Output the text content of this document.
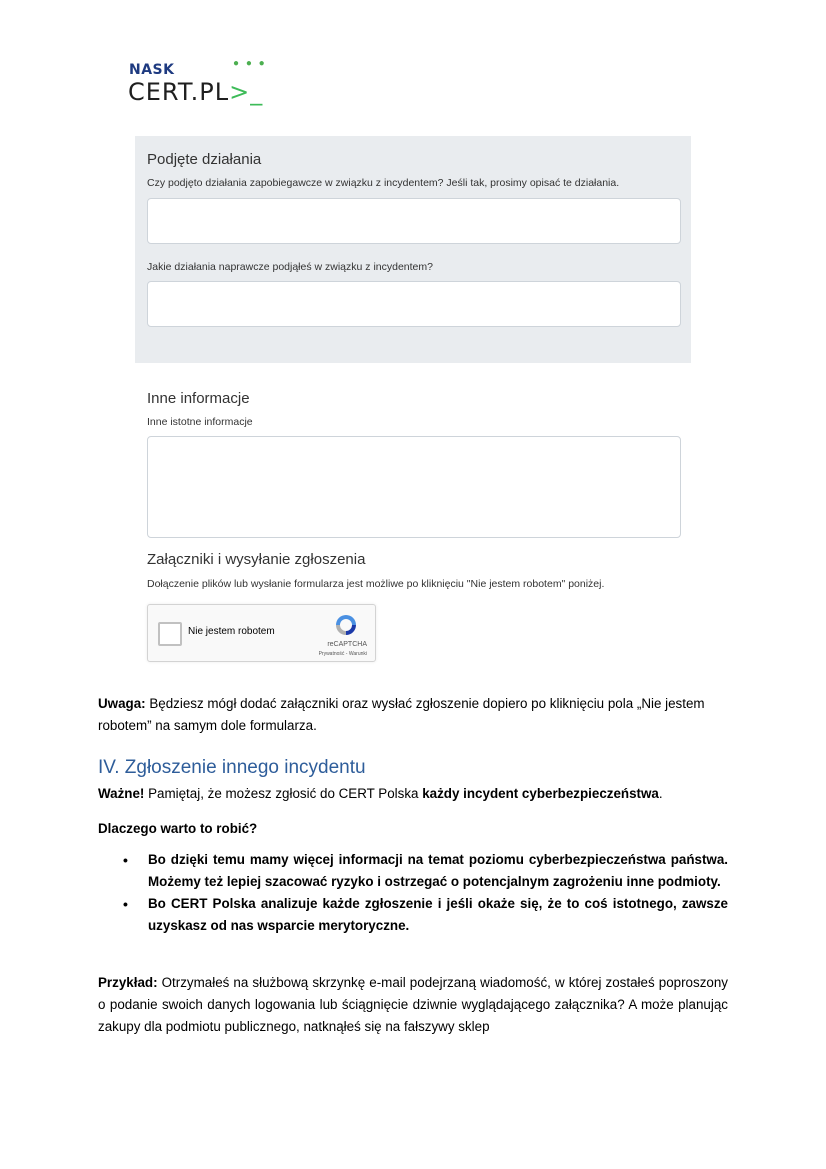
NASK	● ● ●
CERT.PL>_
Podjęte działania
Czy podjęto działania zapobiegawcze w związku z incydentem? Jeśli tak, prosimy opisać te działania.
Jakie działania naprawcze podjąłeś w związku z incydentem?
Inne informacje
Inne istotne informacje
Załączniki i wysyłanie zgłoszenia
Dołączenie plików lub wysłanie formularza jest możliwe po kliknięciu "Nie jestem robotem" poniżej.
Nie jestem robotem
reCAPTCHA
Prywatność - Warunki
Uwaga: Będziesz mógł dodać załączniki oraz wysłać zgłoszenie dopiero po kliknięciu pola „Nie jestem robotem” na samym dole formularza.
IV. Zgłoszenie innego incydentu
Ważne! Pamiętaj, że możesz zgłosić do CERT Polska każdy incydent cyberbezpieczeństwa.
Dlaczego warto to robić?
• Bo dzięki temu mamy więcej informacji na temat poziomu cyberbezpieczeństwa państwa. Możemy też lepiej szacować ryzyko i ostrzegać o potencjalnym zagrożeniu inne podmioty.
• Bo CERT Polska analizuje każde zgłoszenie i jeśli okaże się, że to coś istotnego, zawsze uzyskasz od nas wsparcie merytoryczne.
Przykład: Otrzymałeś na służbową skrzynkę e-mail podejrzaną wiadomość, w której zostałeś poproszony o podanie swoich danych logowania lub ściągnięcie dziwnie wyglądającego załącznika? A może planując zakupy dla podmiotu publicznego, natknąłeś się na fałszywy sklep
